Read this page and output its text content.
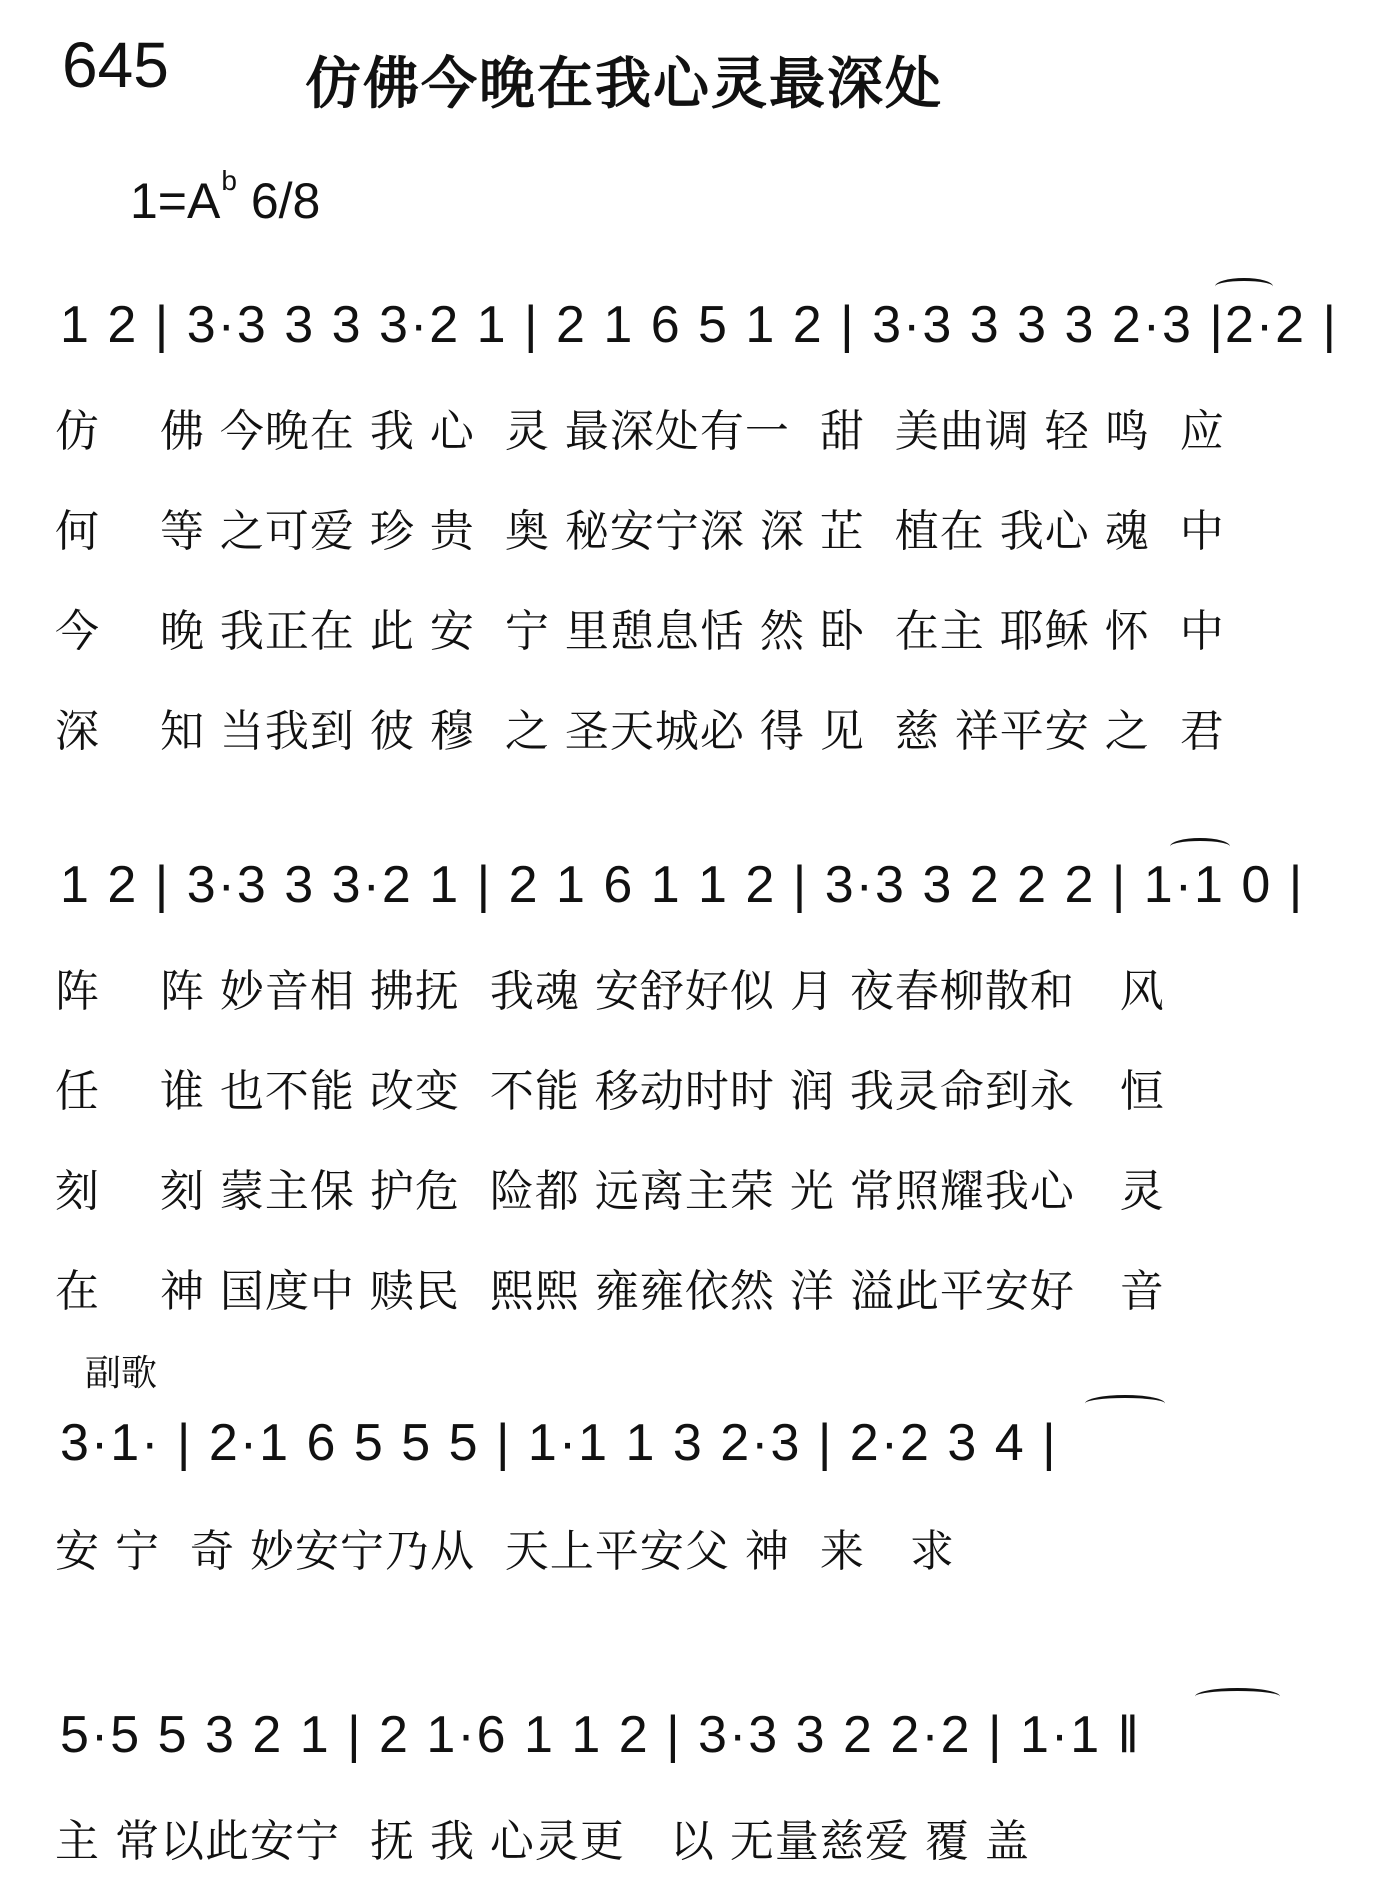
645 仿佛今晚在我心灵最深处
$1=A^b$ 6/8
1 2 | 3·3 3 3 3·2 1 | 2 1 6 5 1 2 | 3·3 3 3 3 2·3 |2·2 |
仿    佛 今晚在 我 心  灵 最深处有一  甜  美曲调 轻 鸣  应
何    等 之可爱 珍 贵  奥 秘安宁深 深 芷  植在 我心 魂  中
今    晚 我正在 此 安  宁 里憩息恬 然 卧  在主 耶稣 怀  中
深    知 当我到 彼 穆  之 圣天城必 得 见  慈 祥平安 之  君
1 2 | 3·3 3 3·2 1 | 2 1 6 1 1 2 | 3·3 3 2 2 2 | 1·1 0 |
阵    阵 妙音相 拂抚  我魂 安舒好似 月 夜春柳散和   风
任    谁 也不能 改变  不能 移动时时 润 我灵命到永   恒
刻    刻 蒙主保 护危  险都 远离主荣 光 常照耀我心   灵
在    神 国度中 赎民  熙熙 雍雍依然 洋 溢此平安好   音
副歌
3·1· | 2·1 6 5 5 5 | 1·1 1 3 2·3 | 2·2 3 4 |
安 宁  奇 妙安宁乃从  天上平安父 神  来   求
5·5 5 3 2 1 | 2 1·6 1 1 2 | 3·3 3 2 2·2 | 1·1 ‖
主 常以此安宁  抚 我 心灵更   以 无量慈爱 覆 盖
